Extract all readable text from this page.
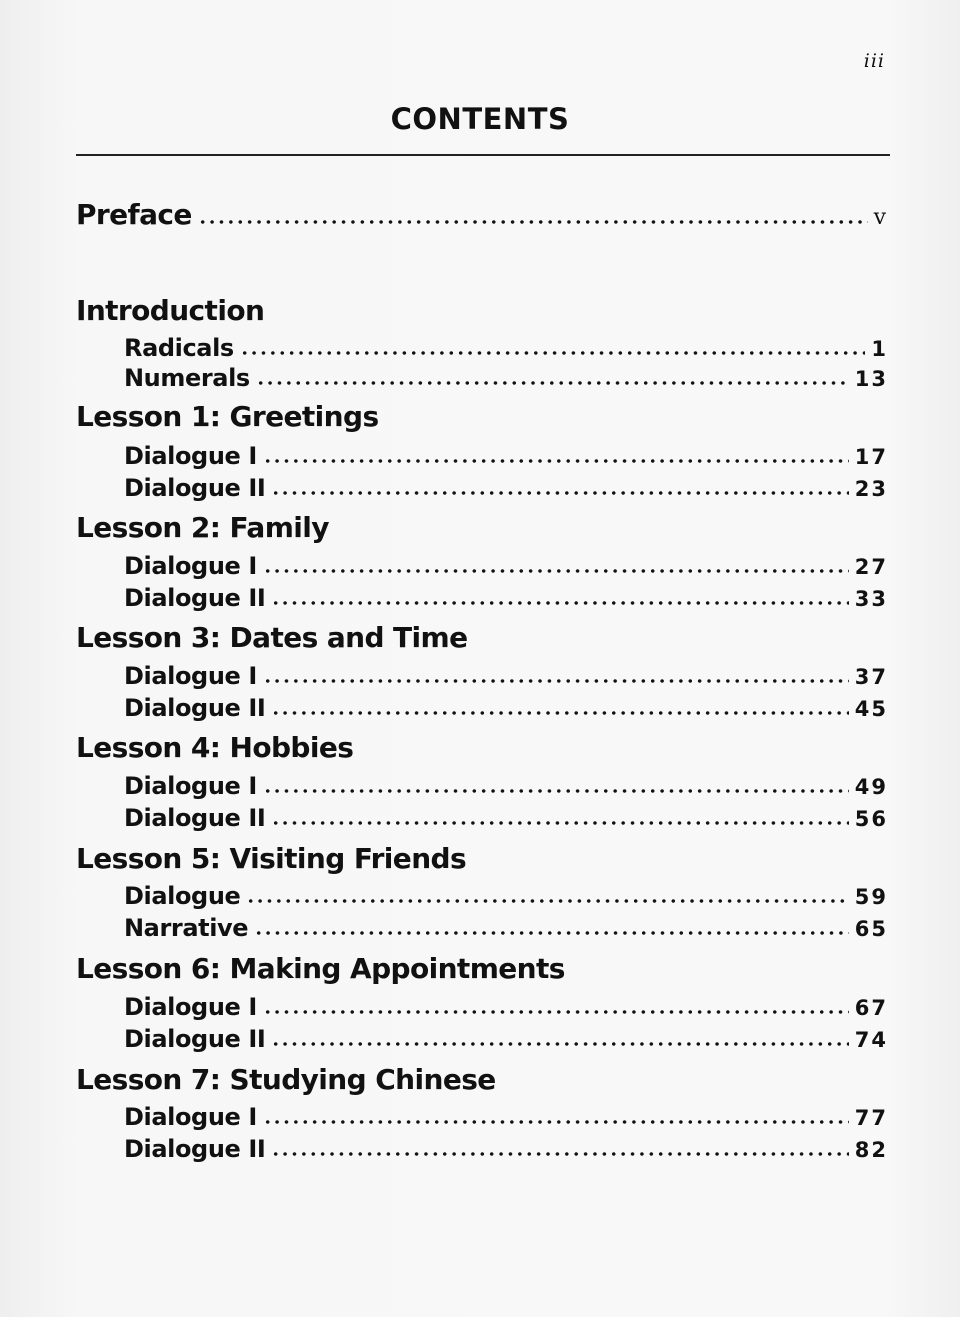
iii
CONTENTS
Preface	v
Introduction
Radicals	1
Numerals	13
Lesson 1: Greetings
Dialogue I	17
Dialogue II	23
Lesson 2: Family
Dialogue I	27
Dialogue II	33
Lesson 3: Dates and Time
Dialogue I	37
Dialogue II	45
Lesson 4: Hobbies
Dialogue I	49
Dialogue II	56
Lesson 5: Visiting Friends
Dialogue	59
Narrative	65
Lesson 6: Making Appointments
Dialogue I	67
Dialogue II	74
Lesson 7: Studying Chinese
Dialogue I	77
Dialogue II	82
